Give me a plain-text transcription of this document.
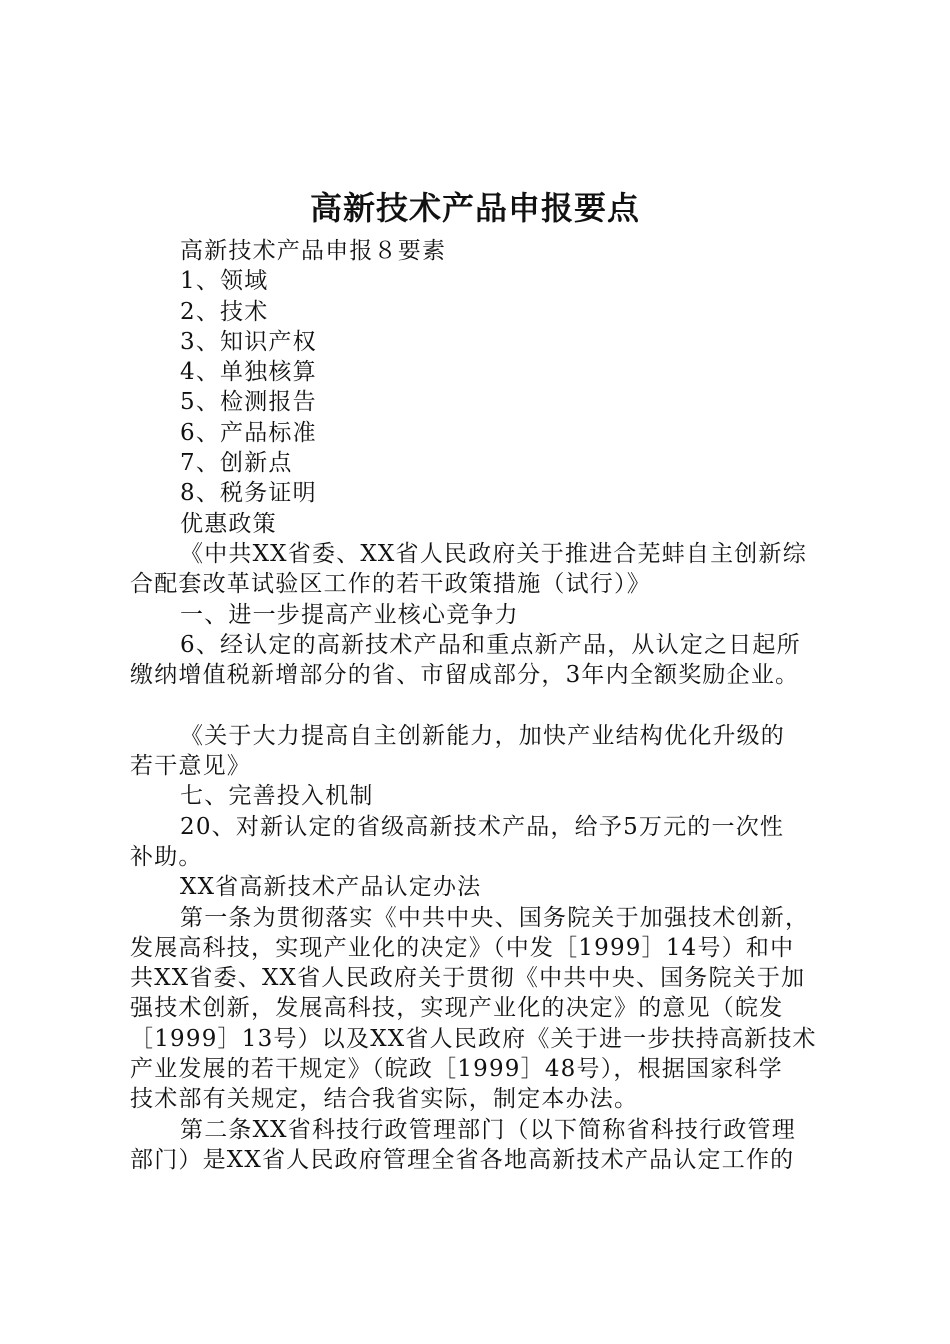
高新技术产品申报要点
高新技术产品申报８要素
1、领域
2、技术
3、知识产权
4、单独核算
5、检测报告
6、产品标准
7、创新点
8、税务证明
优惠政策
《中共XX省委、XX省人民政府关于推进合芜蚌自主创新综
合配套改革试验区工作的若干政策措施（试行）》
一、进一步提高产业核心竞争力
6、经认定的高新技术产品和重点新产品，从认定之日起所
缴纳增值税新增部分的省、市留成部分，3年内全额奖励企业。
《关于大力提高自主创新能力，加快产业结构优化升级的
若干意见》
七、完善投入机制
20、对新认定的省级高新技术产品，给予5万元的一次性
补助。
XX省高新技术产品认定办法
第一条为贯彻落实《中共中央、国务院关于加强技术创新，
发展高科技，实现产业化的决定》（中发［1999］14号）和中
共XX省委、XX省人民政府关于贯彻《中共中央、国务院关于加
强技术创新，发展高科技，实现产业化的决定》的意见（皖发
［1999］13号）以及XX省人民政府《关于进一步扶持高新技术
产业发展的若干规定》（皖政［1999］48号），根据国家科学
技术部有关规定，结合我省实际，制定本办法。
第二条XX省科技行政管理部门（以下简称省科技行政管理
部门）是XX省人民政府管理全省各地高新技术产品认定工作的
